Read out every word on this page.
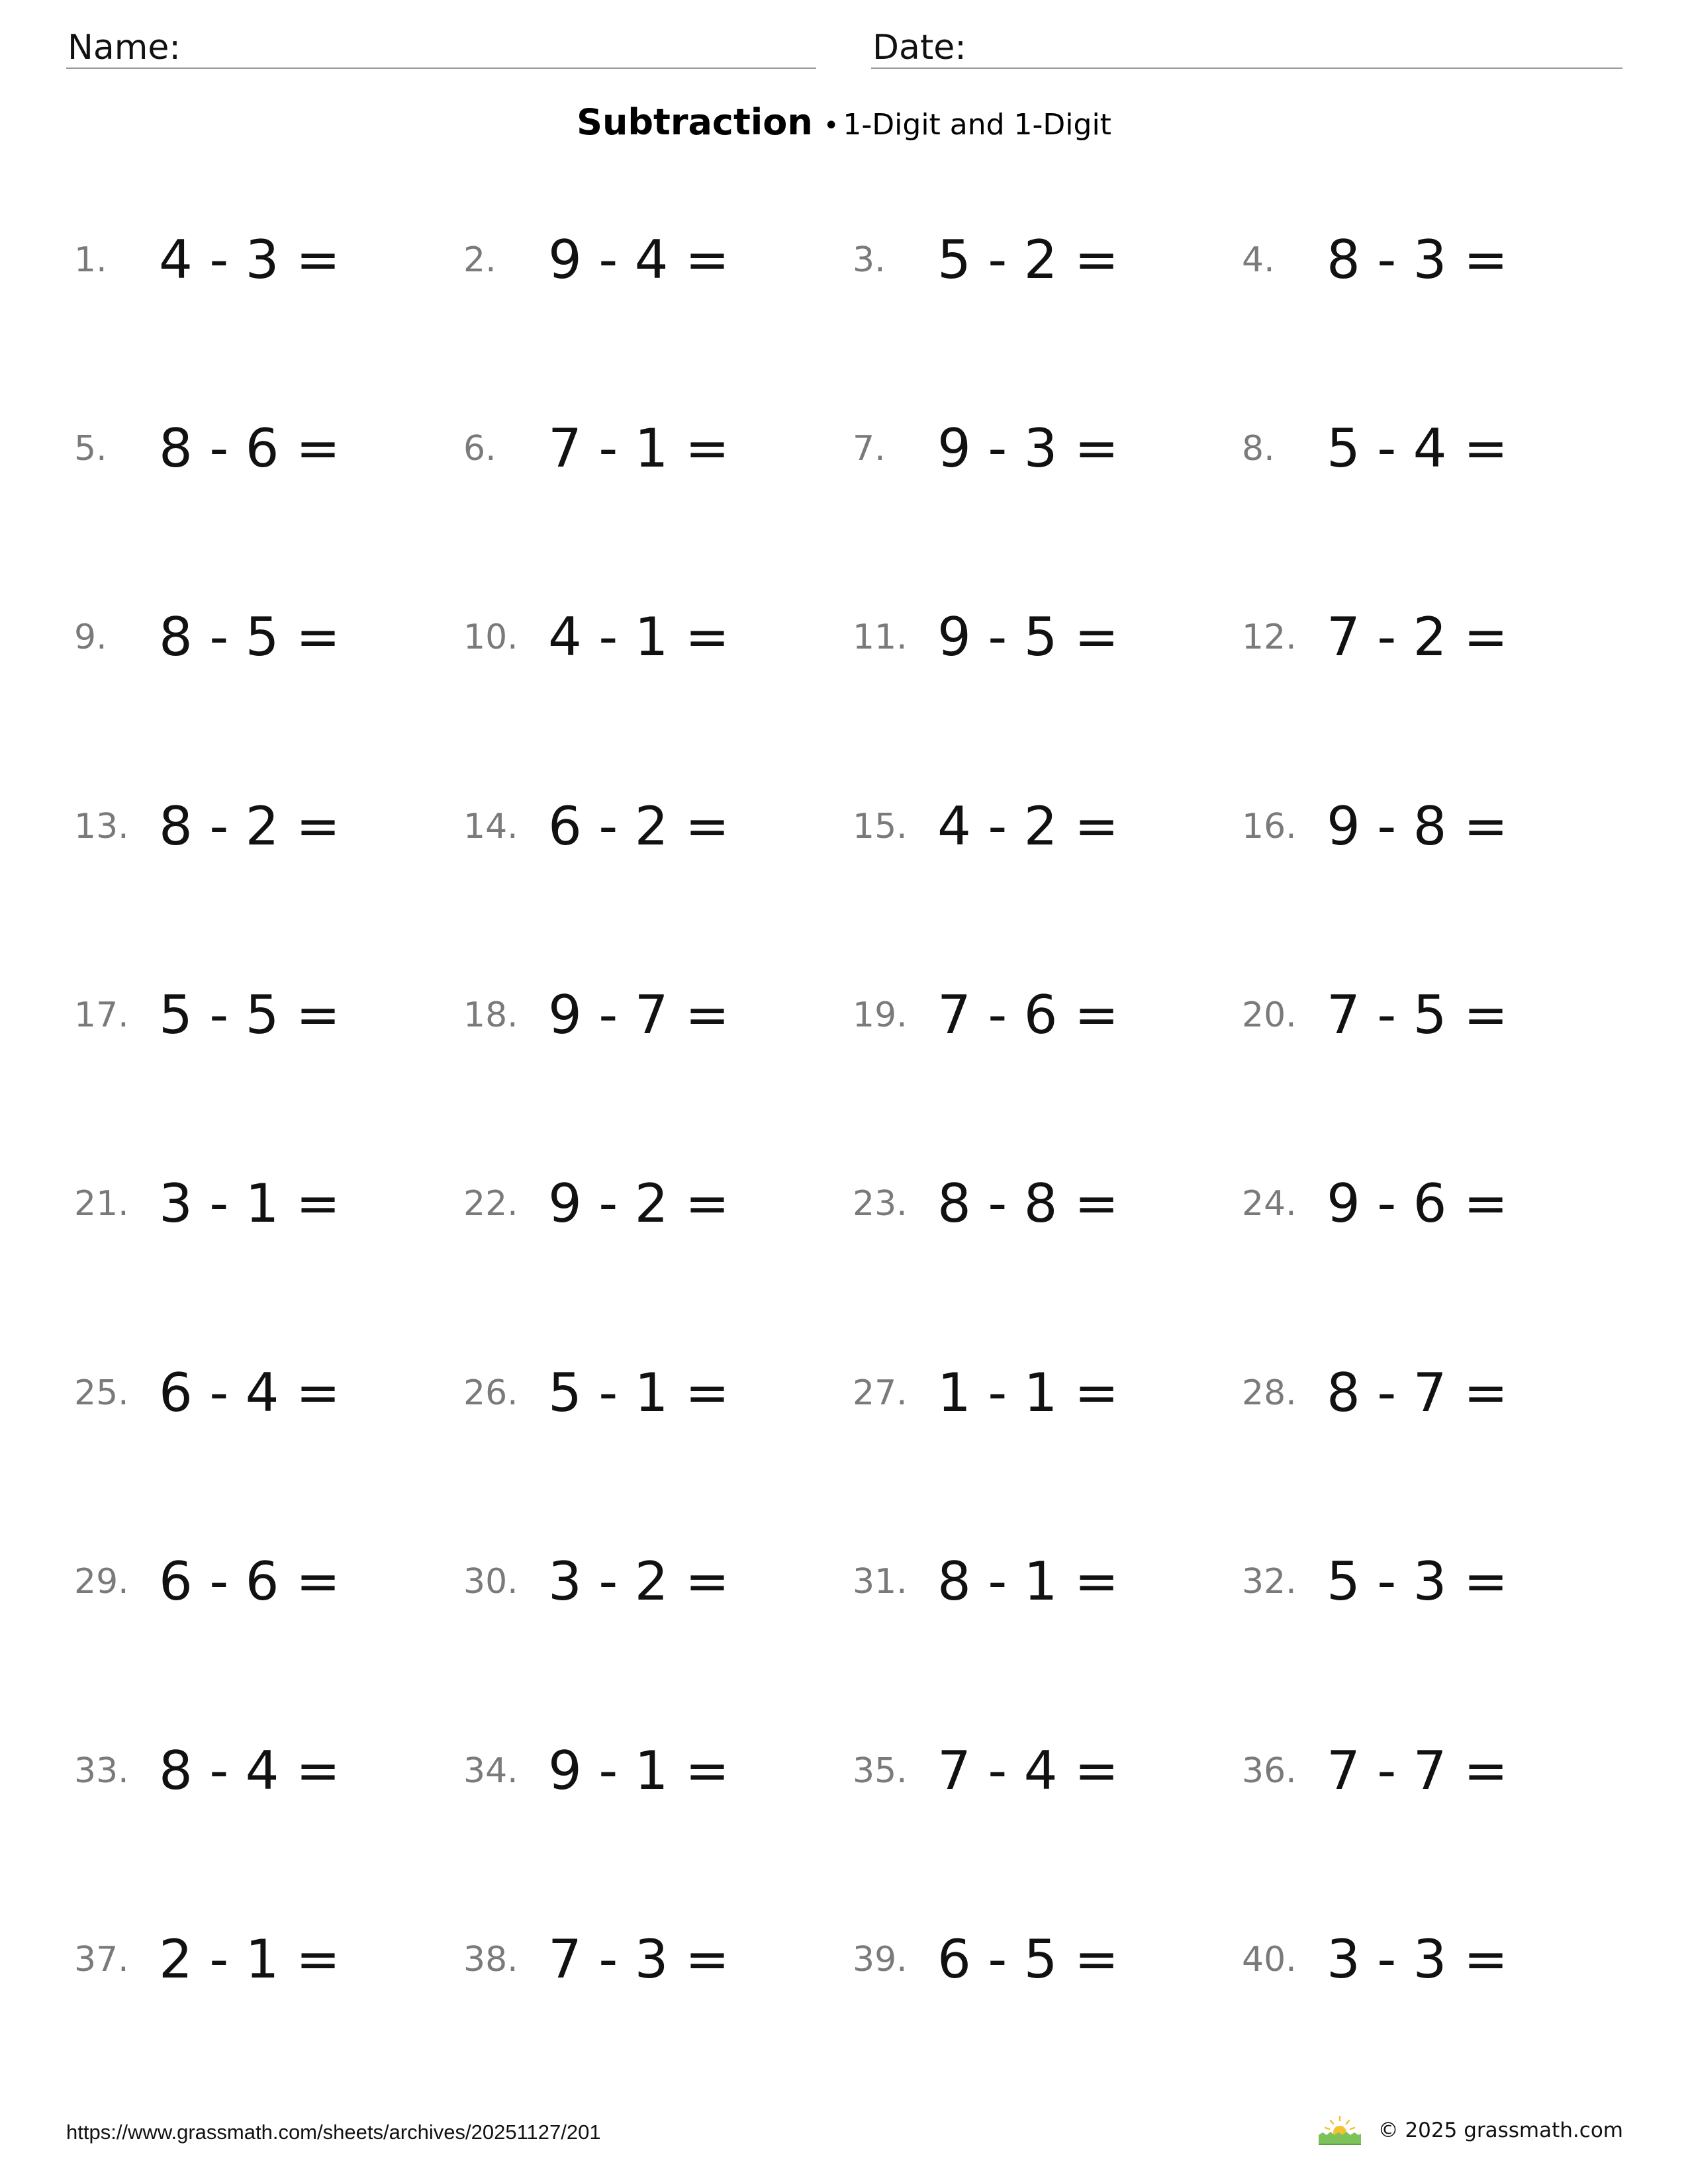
Name:	Date:
Subtraction • 1-Digit and 1-Digit
1. 4 - 3 =	2. 9 - 4 =	3. 5 - 2 =	4. 8 - 3 =
5. 8 - 6 =	6. 7 - 1 =	7. 9 - 3 =	8. 5 - 4 =
9. 8 - 5 =	10. 4 - 1 =	11. 9 - 5 =	12. 7 - 2 =
13. 8 - 2 =	14. 6 - 2 =	15. 4 - 2 =	16. 9 - 8 =
17. 5 - 5 =	18. 9 - 7 =	19. 7 - 6 =	20. 7 - 5 =
21. 3 - 1 =	22. 9 - 2 =	23. 8 - 8 =	24. 9 - 6 =
25. 6 - 4 =	26. 5 - 1 =	27. 1 - 1 =	28. 8 - 7 =
29. 6 - 6 =	30. 3 - 2 =	31. 8 - 1 =	32. 5 - 3 =
33. 8 - 4 =	34. 9 - 1 =	35. 7 - 4 =	36. 7 - 7 =
37. 2 - 1 =	38. 7 - 3 =	39. 6 - 5 =	40. 3 - 3 =
https://www.grassmath.com/sheets/archives/20251127/201	© 2025 grassmath.com
